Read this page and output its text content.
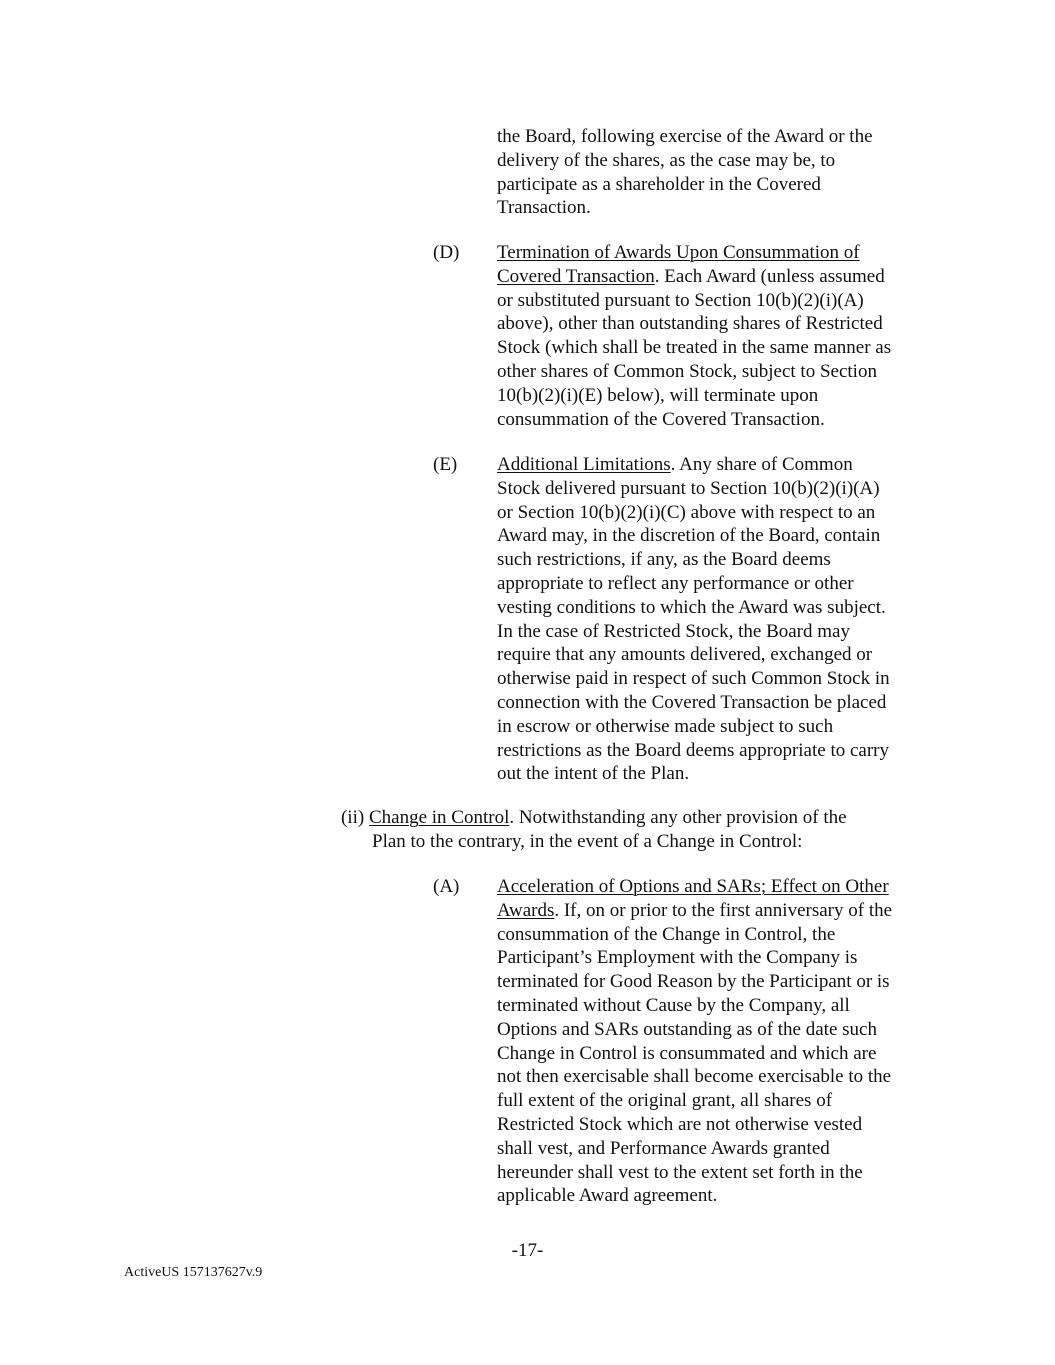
the Board, following exercise of the Award or the
delivery of the shares, as the case may be, to
participate as a shareholder in the Covered
Transaction.
(D) Termination of Awards Upon Consummation of
Covered Transaction. Each Award (unless assumed
or substituted pursuant to Section 10(b)(2)(i)(A)
above), other than outstanding shares of Restricted
Stock (which shall be treated in the same manner as
other shares of Common Stock, subject to Section
10(b)(2)(i)(E) below), will terminate upon
consummation of the Covered Transaction.
(E) Additional Limitations. Any share of Common
Stock delivered pursuant to Section 10(b)(2)(i)(A)
or Section 10(b)(2)(i)(C) above with respect to an
Award may, in the discretion of the Board, contain
such restrictions, if any, as the Board deems
appropriate to reflect any performance or other
vesting conditions to which the Award was subject.
In the case of Restricted Stock, the Board may
require that any amounts delivered, exchanged or
otherwise paid in respect of such Common Stock in
connection with the Covered Transaction be placed
in escrow or otherwise made subject to such
restrictions as the Board deems appropriate to carry
out the intent of the Plan.
(ii) Change in Control. Notwithstanding any other provision of the
Plan to the contrary, in the event of a Change in Control:
(A) Acceleration of Options and SARs; Effect on Other
Awards. If, on or prior to the first anniversary of the
consummation of the Change in Control, the
Participant’s Employment with the Company is
terminated for Good Reason by the Participant or is
terminated without Cause by the Company, all
Options and SARs outstanding as of the date such
Change in Control is consummated and which are
not then exercisable shall become exercisable to the
full extent of the original grant, all shares of
Restricted Stock which are not otherwise vested
shall vest, and Performance Awards granted
hereunder shall vest to the extent set forth in the
applicable Award agreement.
-17-
ActiveUS 157137627v.9
